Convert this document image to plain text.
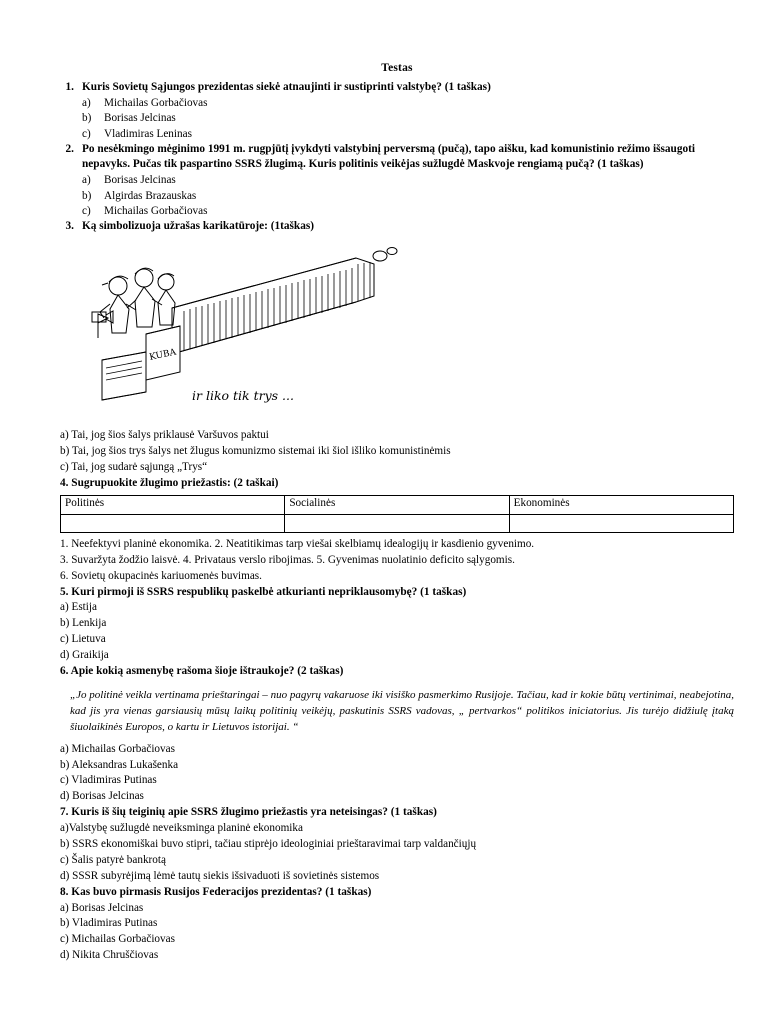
Testas
1. Kuris Sovietų Sąjungos prezidentas siekė atnaujinti ir sustiprinti valstybę? (1 taškas)
a)	Michailas Gorbačiovas
b)	Borisas Jelcinas
c)	Vladimiras Leninas
2. Po nesėkmingo mėginimo 1991 m. rugpjūtį įvykdyti valstybinį perversmą (pučą), tapo aišku, kad komunistinio režimo išsaugoti nepavyks. Pučas tik paspartino SSRS žlugimą. Kuris politinis veikėjas sužlugdė Maskvoje rengiamą pučą? (1 taškas)
a)	Borisas Jelcinas
b)	Algirdas Brazauskas
c)	Michailas Gorbačiovas
3. Ką simbolizuoja užrašas karikatūroje: (1taškas)
KUBA
ir liko tik trys ...
a) Tai, jog šios šalys priklausė Varšuvos paktui
b) Tai, jog šios trys šalys net žlugus komunizmo sistemai iki šiol išliko komunistinėmis
c) Tai, jog sudarė sąjungą „Trys“
4. Sugrupuokite žlugimo priežastis: (2 taškai)
Politinės	Socialinės	Ekonominės

1. Neefektyvi planinė ekonomika. 2. Neatitikimas tarp viešai skelbiamų idealogijų ir kasdienio gyvenimo.
3. Suvaržyta žodžio laisvė. 4. Privataus verslo ribojimas. 5. Gyvenimas nuolatinio deficito sąlygomis.
6. Sovietų okupacinės kariuomenės buvimas.
5. Kuri pirmoji iš SSRS respublikų paskelbė atkurianti nepriklausomybę? (1 taškas)
a) Estija
b) Lenkija
c) Lietuva
d) Graikija
6. Apie kokią asmenybę rašoma šioje ištraukoje? (2 taškas)
„Jo politinė veikla vertinama prieštaringai – nuo pagyrų vakaruose iki visiško pasmerkimo Rusijoje. Tačiau, kad ir kokie būtų vertinimai, neabejotina, kad jis yra vienas garsiausių mūsų laikų politinių veikėjų, paskutinis SSRS vadovas, „ pertvarkos“ politikos iniciatorius. Jis turėjo didžiulę įtaką šiuolaikinės Europos, o kartu ir Lietuvos istorijai. “
a) Michailas Gorbačiovas
b) Aleksandras Lukašenka
c) Vladimiras Putinas
d) Borisas Jelcinas
7. Kuris iš šių teiginių apie SSRS žlugimo priežastis yra neteisingas? (1 taškas)
a)Valstybę sužlugdė neveiksminga planinė ekonomika
b) SSRS ekonomiškai buvo stipri, tačiau stiprėjo ideologiniai prieštaravimai tarp valdančiųjų
c) Šalis patyrė bankrotą
d) SSSR subyrėjimą lėmė tautų siekis išsivaduoti iš sovietinės sistemos
8. Kas buvo pirmasis Rusijos Federacijos prezidentas? (1 taškas)
a) Borisas Jelcinas
b) Vladimiras Putinas
c) Michailas Gorbačiovas
d) Nikita Chruščiovas
